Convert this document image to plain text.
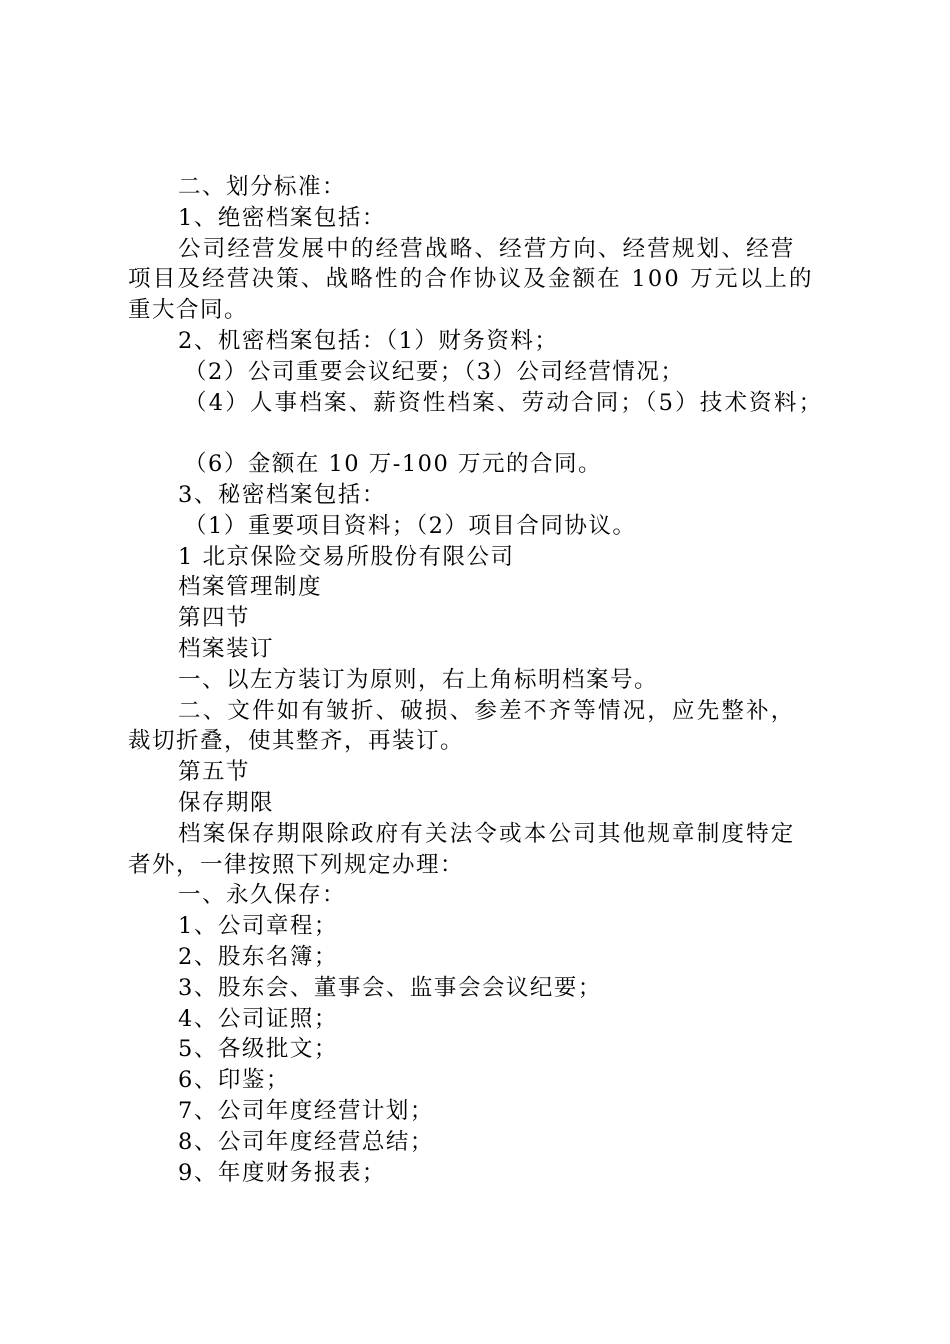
二、划分标准：
1、绝密档案包括：
公司经营发展中的经营战略、经营方向、经营规划、经营
项目及经营决策、战略性的合作协议及金额在 100 万元以上的
重大合同。
2、机密档案包括：（1）财务资料；
（2）公司重要会议纪要；（3）公司经营情况；
（4）人事档案、薪资性档案、劳动合同；（5）技术资料；
（6）金额在 10 万-100 万元的合同。
3、秘密档案包括：
（1）重要项目资料；（2）项目合同协议。
1 北京保险交易所股份有限公司
档案管理制度
第四节
档案装订
一、以左方装订为原则，右上角标明档案号。
二、文件如有皱折、破损、参差不齐等情况，应先整补，
裁切折叠，使其整齐，再装订。
第五节
保存期限
档案保存期限除政府有关法令或本公司其他规章制度特定
者外，一律按照下列规定办理：
一、永久保存：
1、公司章程；
2、股东名簿；
3、股东会、董事会、监事会会议纪要；
4、公司证照；
5、各级批文；
6、印鉴；
7、公司年度经营计划；
8、公司年度经营总结；
9、年度财务报表；
